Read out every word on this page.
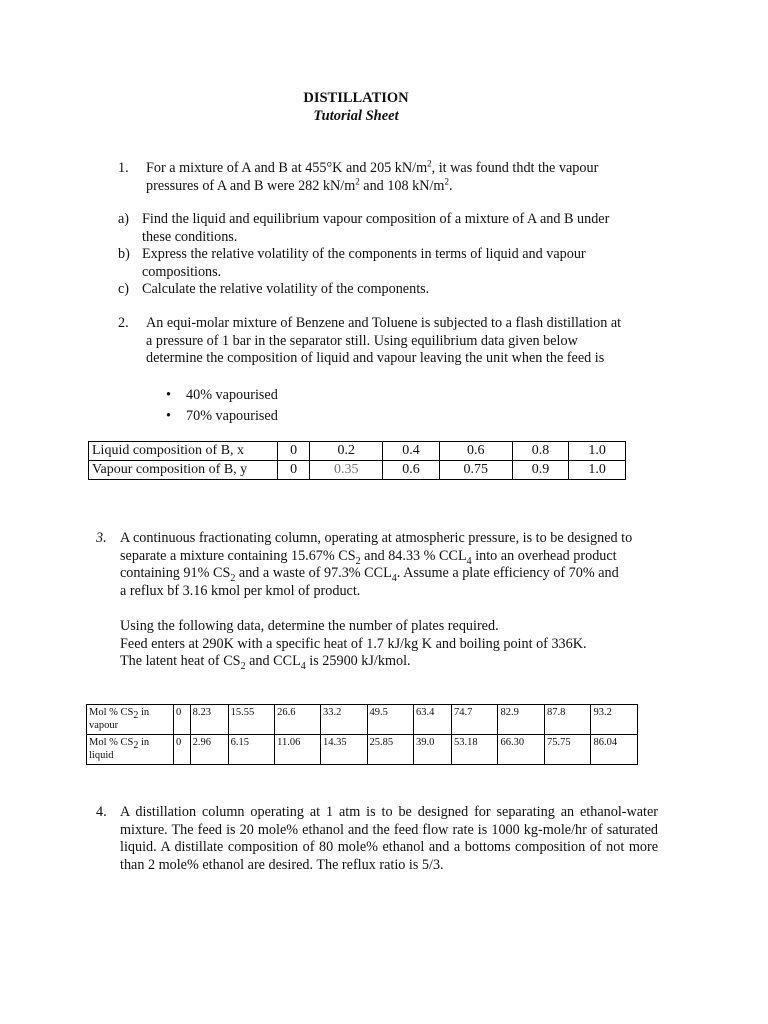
DISTILLATION
Tutorial Sheet

1. For a mixture of A and B at 455°K and 205 $kN/m^2$, it was found thdt the vapour
pressures of A and B were 282 $kN/m^2$ and 108 $kN/m^2$.

a) Find the liquid and equilibrium vapour composition of a mixture of A and B under these conditions.

b) Express the relative volatility of the components in terms of liquid and vapour compositions.

c) Calculate the relative volatility of the components.

2. An equi-molar mixture of Benzene and Toluene is subjected to a flash distillation at a pressure of 1 bar in the separator still. Using equilibrium data given below determine the composition of liquid and vapour leaving the unit when the feed is

• 40% vapourised
• 70% vapourised
Liquid composition of B, x	0	0.2	0.4	0.6	0.8	1.0
Vapour composition of B, y	0	0.35	0.6	0.75	0.9	1.0

3. A continuous fractionating column, operating at atmospheric pressure, is to be designed to
separate a mixture containing 15.67% $CS_2$ and 84.33 % $CCL_4$ into an overhead product
containing 91% $CS_2$ and a waste of 97.3% $CCL_4$. Assume a plate efficiency of 70% and
a reflux bf 3.16 kmol per kmol of product.

Using the following data, determine the number of plates required.
Feed enters at 290K with a specific heat of 1.7 kJ/kg K and boiling point of 336K.
The latent heat of $CS_2$ and $CCL_4$ is 25900 kJ/kmol.
Mol % $CS_2$ in
vapour	0	8.23	15.55	26.6	33.2	49.5	63.4	74.7	82.9	87.8	93.2
Mol % $CS_2$ in
liquid	0	2.96	6.15	11.06	14.35	25.85	39.0	53.18	66.30	75.75	86.04

4. A distillation column operating at 1 atm is to be designed for separating an ethanol-water mixture. The feed is 20 mole% ethanol and the feed flow rate is 1000 kg-mole/hr of saturated liquid. A distillate composition of 80 mole% ethanol and a bottoms composition of not more than 2 mole% ethanol are desired. The reflux ratio is 5/3.
